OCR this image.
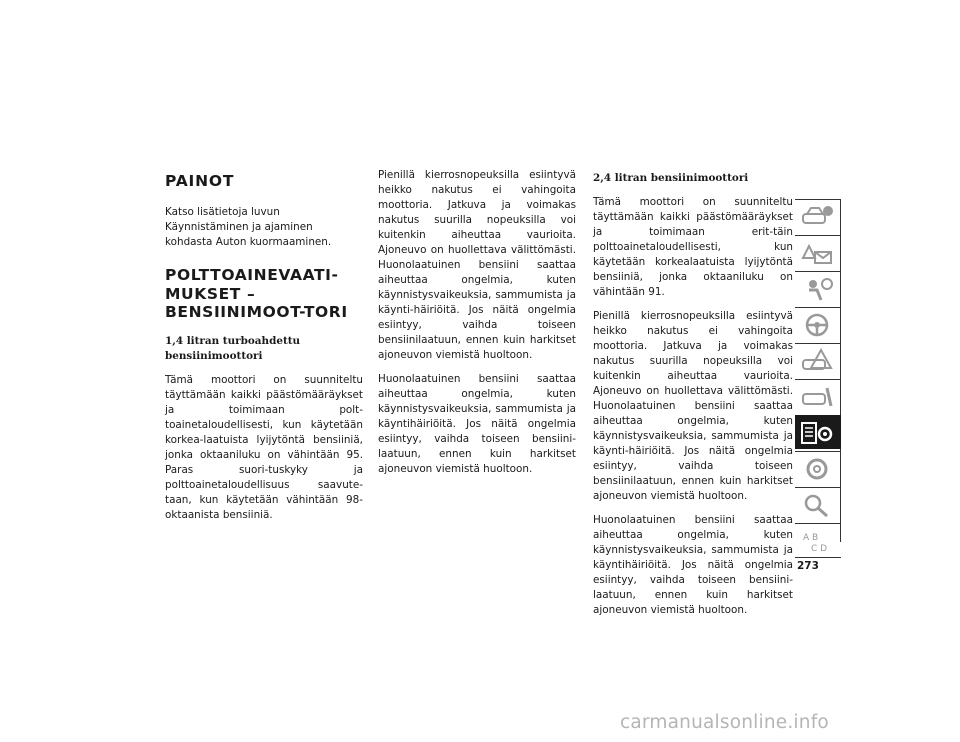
PAINOT

Katso lisätietoja luvun Käynnistäminen ja ajaminen kohdasta Auton kuormaaminen.

POLTTOAINEVAATI-MUKSET – BENSIINIMOOT-TORI
1,4 litran turboahdettu bensiinimoottori

Tämä moottori on suunniteltu täyttämään kaikki päästömääräykset ja toimimaan polt-toainetaloudellisesti, kun käytetään korkea-laatuista lyijytöntä bensiiniä, jonka oktaaniluku on vähintään 95. Paras suori-tuskyky ja polttoainetaloudellisuus saavute-taan, kun käytetään vähintään 98-oktaanista bensiiniä.

Pienillä kierrosnopeuksilla esiintyvä heikko nakutus ei vahingoita moottoria. Jatkuva ja voimakas nakutus suurilla nopeuksilla voi kuitenkin aiheuttaa vaurioita. Ajoneuvo on huollettava välittömästi. Huonolaatuinen bensiini saattaa aiheuttaa ongelmia, kuten käynnistysvaikeuksia, sammumista ja käynti-häiriöitä. Jos näitä ongelmia esiintyy, vaihda toiseen bensiinilaatuun, ennen kuin harkitset ajoneuvon viemistä huoltoon.

Huonolaatuinen bensiini saattaa aiheuttaa ongelmia, kuten käynnistysvaikeuksia, sammumista ja käyntihäiriöitä. Jos näitä ongelmia esiintyy, vaihda toiseen bensiini-laatuun, ennen kuin harkitset ajoneuvon viemistä huoltoon.

2,4 litran bensiinimoottori

Tämä moottori on suunniteltu täyttämään kaikki päästömääräykset ja toimimaan erit-täin polttoainetaloudellisesti, kun käytetään korkealaatuista lyijytöntä bensiiniä, jonka oktaaniluku on vähintään 91.

Pienillä kierrosnopeuksilla esiintyvä heikko nakutus ei vahingoita moottoria. Jatkuva ja voimakas nakutus suurilla nopeuksilla voi kuitenkin aiheuttaa vaurioita. Ajoneuvo on huollettava välittömästi. Huonolaatuinen bensiini saattaa aiheuttaa ongelmia, kuten käynnistysvaikeuksia, sammumista ja käynti-häiriöitä. Jos näitä ongelmia esiintyy, vaihda toiseen bensiinilaatuun, ennen kuin harkitset ajoneuvon viemistä huoltoon.

Huonolaatuinen bensiini saattaa aiheuttaa ongelmia, kuten käynnistysvaikeuksia, sammumista ja käyntihäiriöitä. Jos näitä ongelmia esiintyy, vaihda toiseen bensiini-laatuun, ennen kuin harkitset ajoneuvon viemistä huoltoon.

A B
C D
273
carmanualsonline.info
